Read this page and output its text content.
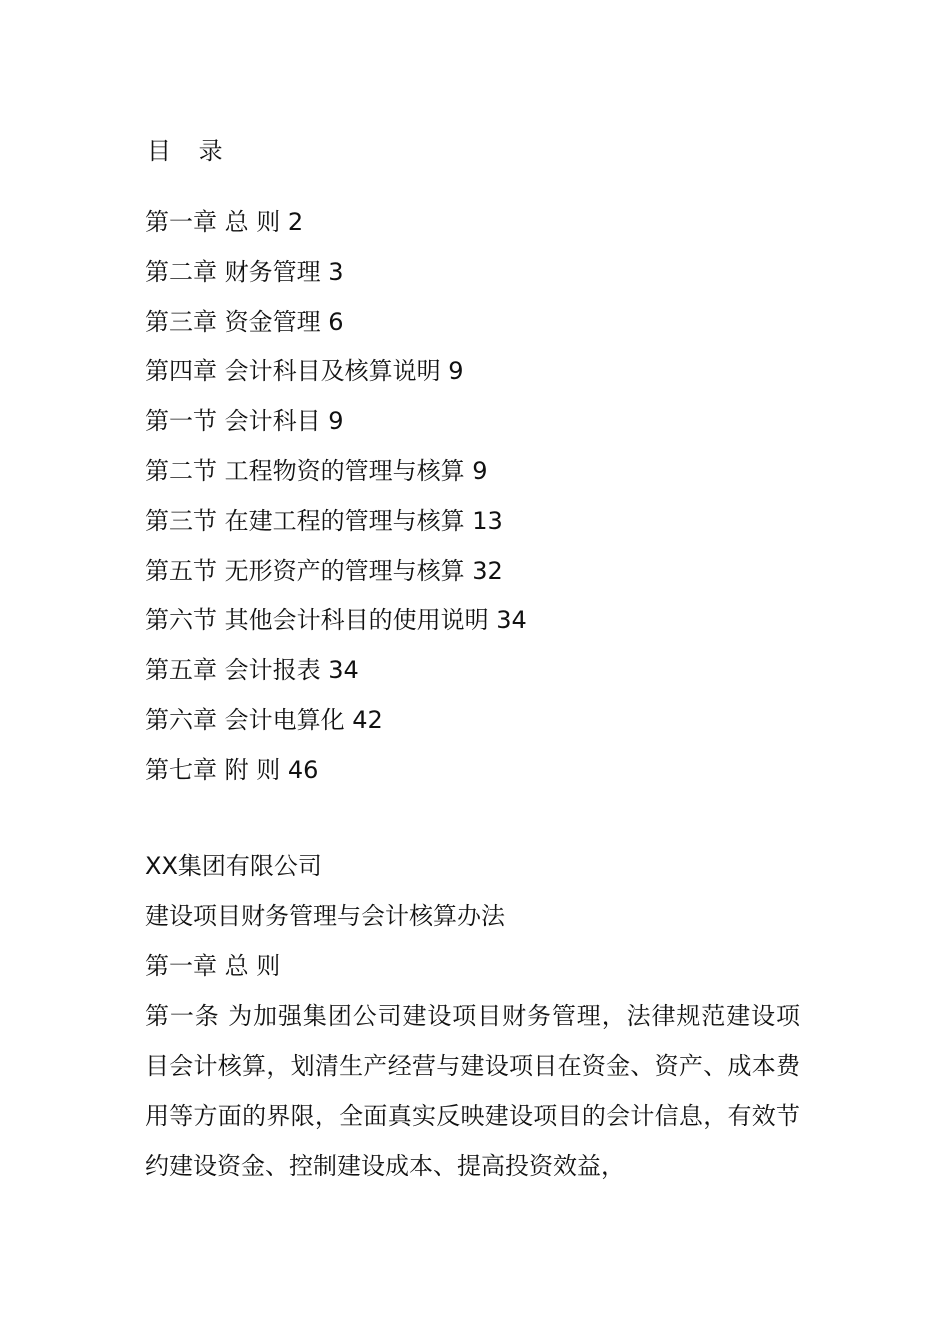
目 录
第一章 总 则 2
第二章 财务管理 3
第三章 资金管理 6
第四章 会计科目及核算说明 9
第一节 会计科目 9
第二节 工程物资的管理与核算 9
第三节 在建工程的管理与核算 13
第五节 无形资产的管理与核算 32
第六节 其他会计科目的使用说明 34
第五章 会计报表 34
第六章 会计电算化 42
第七章 附 则 46
XX集团有限公司
建设项目财务管理与会计核算办法
第一章 总 则

第一条 为加强集团公司建设项目财务管理，法律规范建设项目会计核算，划清生产经营与建设项目在资金、资产、成本费用等方面的界限，全面真实反映建设项目的会计信息，有效节约建设资金、控制建设成本、提高投资效益，
